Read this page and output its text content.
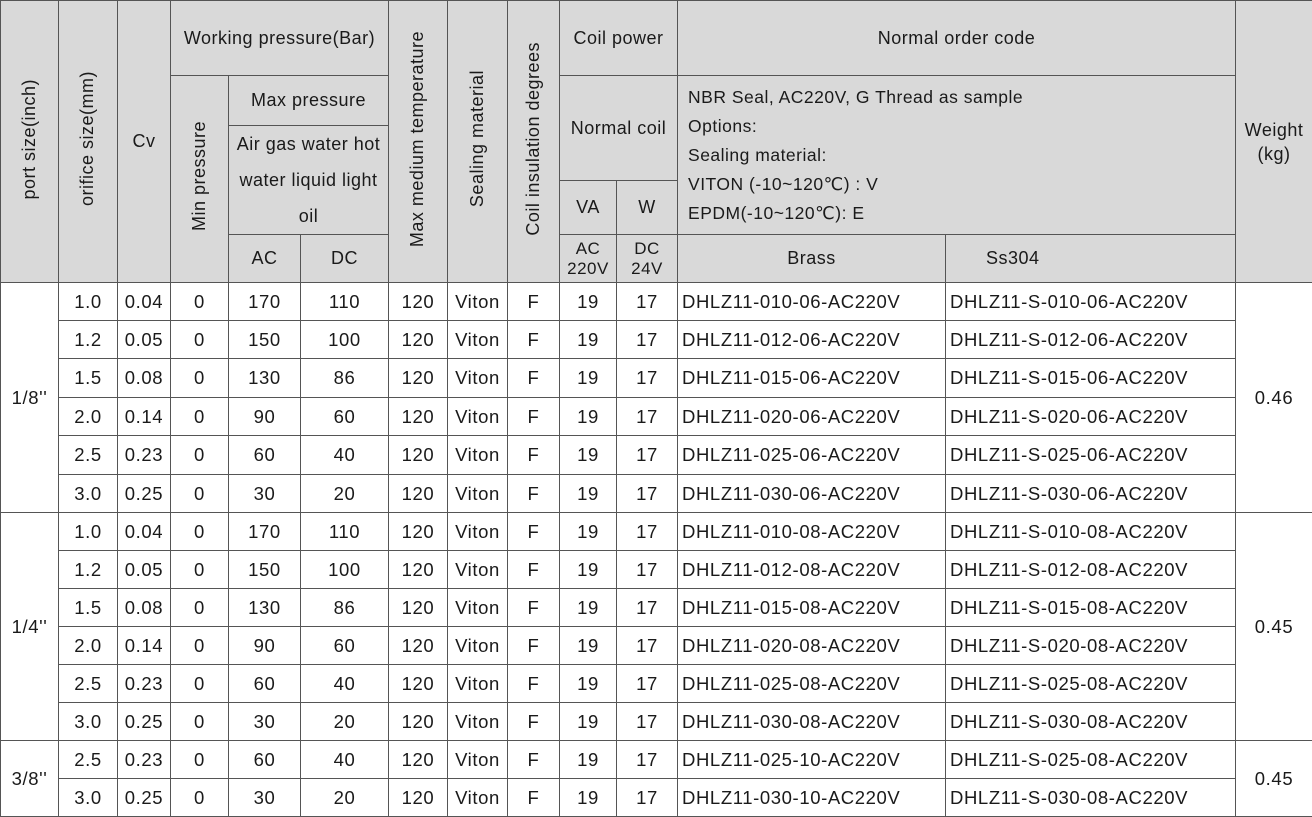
port size(inch)	orifice size(mm)	Cv	Working pressure(Bar)			Max medium temperature	Sealing material	Coil insulation degrees	Coil power		Normal order code		Weight (kg)
			Min pressure	Max pressure					Normal coil		NBR Seal, AC220V, G Thread as sample
Options:
Sealing material:
VITON (-10~120℃) : V
EPDM(-10~120℃): E		

				Air gas water hot water liquid light oil									
									VA	W			
				AC	DC				AC 220V	DC 24V	Brass	Ss304	
1/8''	1.0	0.04	0	170	110	120	Viton	F	19	17	DHLZ11-010-06-AC220V	DHLZ11-S-010-06-AC220V	0.46
	1.2	0.05	0	150	100	120	Viton	F	19	17	DHLZ11-012-06-AC220V	DHLZ11-S-012-06-AC220V	
	1.5	0.08	0	130	86	120	Viton	F	19	17	DHLZ11-015-06-AC220V	DHLZ11-S-015-06-AC220V	
	2.0	0.14	0	90	60	120	Viton	F	19	17	DHLZ11-020-06-AC220V	DHLZ11-S-020-06-AC220V	
	2.5	0.23	0	60	40	120	Viton	F	19	17	DHLZ11-025-06-AC220V	DHLZ11-S-025-06-AC220V	
	3.0	0.25	0	30	20	120	Viton	F	19	17	DHLZ11-030-06-AC220V	DHLZ11-S-030-06-AC220V	
1/4''	1.0	0.04	0	170	110	120	Viton	F	19	17	DHLZ11-010-08-AC220V	DHLZ11-S-010-08-AC220V	0.45
	1.2	0.05	0	150	100	120	Viton	F	19	17	DHLZ11-012-08-AC220V	DHLZ11-S-012-08-AC220V	
	1.5	0.08	0	130	86	120	Viton	F	19	17	DHLZ11-015-08-AC220V	DHLZ11-S-015-08-AC220V	
	2.0	0.14	0	90	60	120	Viton	F	19	17	DHLZ11-020-08-AC220V	DHLZ11-S-020-08-AC220V	
	2.5	0.23	0	60	40	120	Viton	F	19	17	DHLZ11-025-08-AC220V	DHLZ11-S-025-08-AC220V	
	3.0	0.25	0	30	20	120	Viton	F	19	17	DHLZ11-030-08-AC220V	DHLZ11-S-030-08-AC220V	
3/8''	2.5	0.23	0	60	40	120	Viton	F	19	17	DHLZ11-025-10-AC220V	DHLZ11-S-025-08-AC220V	0.45
	3.0	0.25	0	30	20	120	Viton	F	19	17	DHLZ11-030-10-AC220V	DHLZ11-S-030-08-AC220V	
